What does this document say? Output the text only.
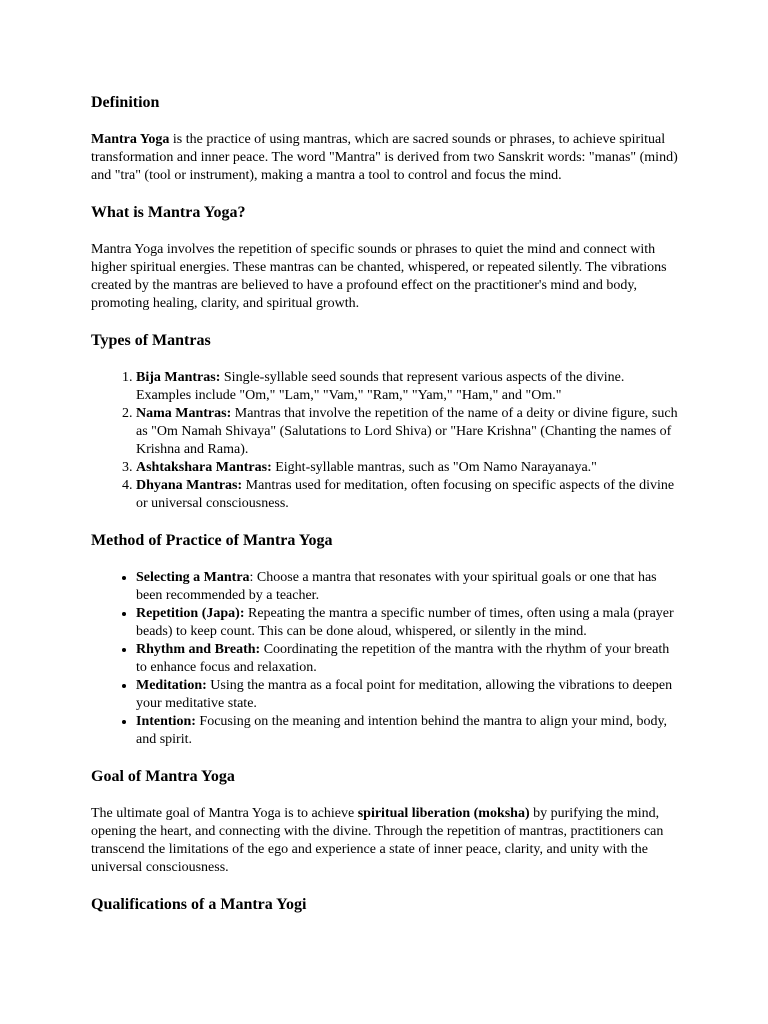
Definition

Mantra Yoga is the practice of using mantras, which are sacred sounds or phrases, to achieve spiritual transformation and inner peace. The word "Mantra" is derived from two Sanskrit words: "manas" (mind) and "tra" (tool or instrument), making a mantra a tool to control and focus the mind.

What is Mantra Yoga?

Mantra Yoga involves the repetition of specific sounds or phrases to quiet the mind and connect with higher spiritual energies. These mantras can be chanted, whispered, or repeated silently. The vibrations created by the mantras are believed to have a profound effect on the practitioner's mind and body, promoting healing, clarity, and spiritual growth.

Types of Mantras
1. Bija Mantras: Single-syllable seed sounds that represent various aspects of the divine. Examples include "Om," "Lam," "Vam," "Ram," "Yam," "Ham," and "Om."
2. Nama Mantras: Mantras that involve the repetition of the name of a deity or divine figure, such as "Om Namah Shivaya" (Salutations to Lord Shiva) or "Hare Krishna" (Chanting the names of Krishna and Rama).
3. Ashtakshara Mantras: Eight-syllable mantras, such as "Om Namo Narayanaya."
4. Dhyana Mantras: Mantras used for meditation, often focusing on specific aspects of the divine or universal consciousness.
Method of Practice of Mantra Yoga
• Selecting a Mantra: Choose a mantra that resonates with your spiritual goals or one that has been recommended by a teacher.
• Repetition (Japa): Repeating the mantra a specific number of times, often using a mala (prayer beads) to keep count. This can be done aloud, whispered, or silently in the mind.
• Rhythm and Breath: Coordinating the repetition of the mantra with the rhythm of your breath to enhance focus and relaxation.
• Meditation: Using the mantra as a focal point for meditation, allowing the vibrations to deepen your meditative state.
• Intention: Focusing on the meaning and intention behind the mantra to align your mind, body, and spirit.
Goal of Mantra Yoga

The ultimate goal of Mantra Yoga is to achieve spiritual liberation (moksha) by purifying the mind, opening the heart, and connecting with the divine. Through the repetition of mantras, practitioners can transcend the limitations of the ego and experience a state of inner peace, clarity, and unity with the universal consciousness.

Qualifications of a Mantra Yogi
